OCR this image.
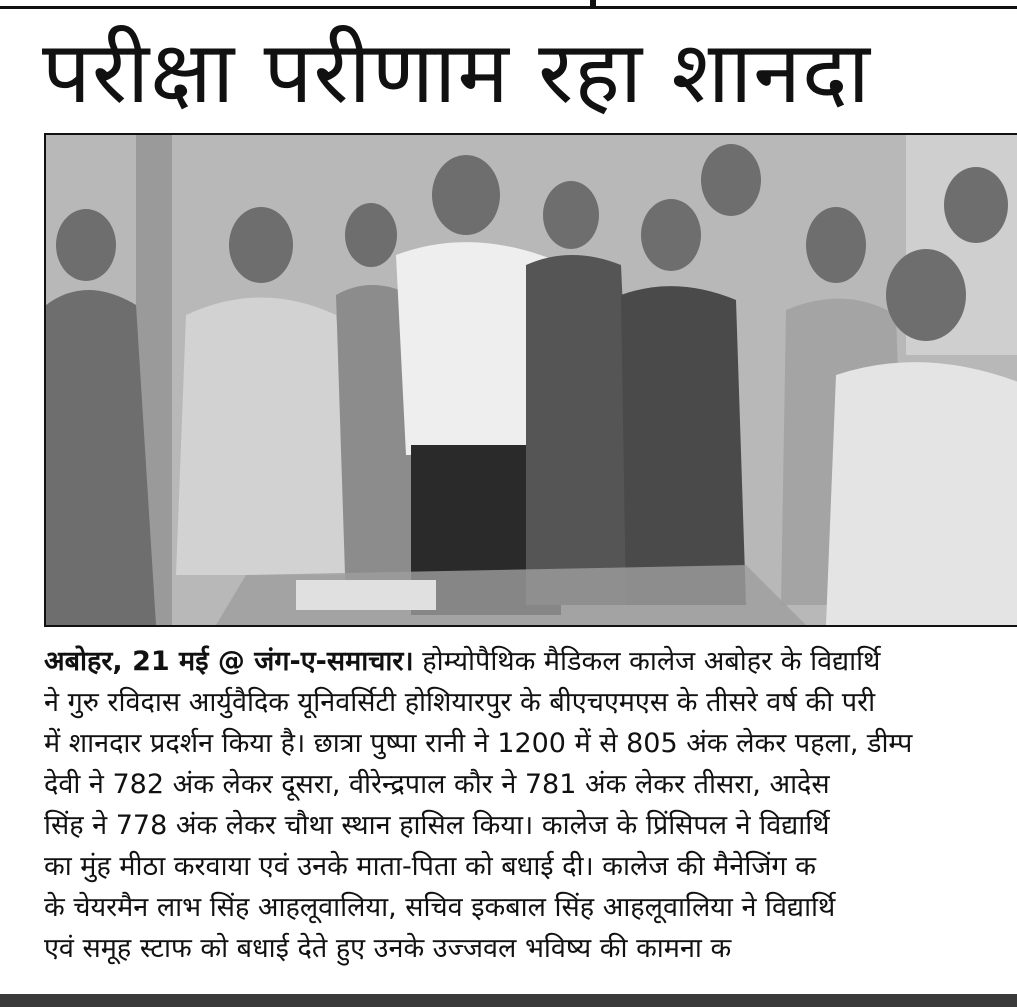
परीक्षा परीणाम रहा शानदा
अबोहर, 21 मई @ जंग-ए-समाचार। होम्योपैथिक मैडिकल कालेज अबोहर के विद्यार्थि
ने गुरु रविदास आर्युवैदिक यूनिवर्सिटी होशियारपुर के बीएचएमएस के तीसरे वर्ष की परी
में शानदार प्रदर्शन किया है। छात्रा पुष्पा रानी ने 1200 में से 805 अंक लेकर पहला, डीम्प
देवी ने 782 अंक लेकर दूसरा, वीरेन्द्रपाल कौर ने 781 अंक लेकर तीसरा, आदेस
सिंह ने 778 अंक लेकर चौथा स्थान हासिल किया। कालेज के प्रिंसिपल ने विद्यार्थि
का मुंह मीठा करवाया एवं उनके माता-पिता को बधाई दी। कालेज की मैनेजिंग क
के चेयरमैन लाभ सिंह आहलूवालिया, सचिव इकबाल सिंह आहलूवालिया ने विद्यार्थि
एवं समूह स्टाफ को बधाई देते हुए उनके उज्जवल भविष्य की कामना क
